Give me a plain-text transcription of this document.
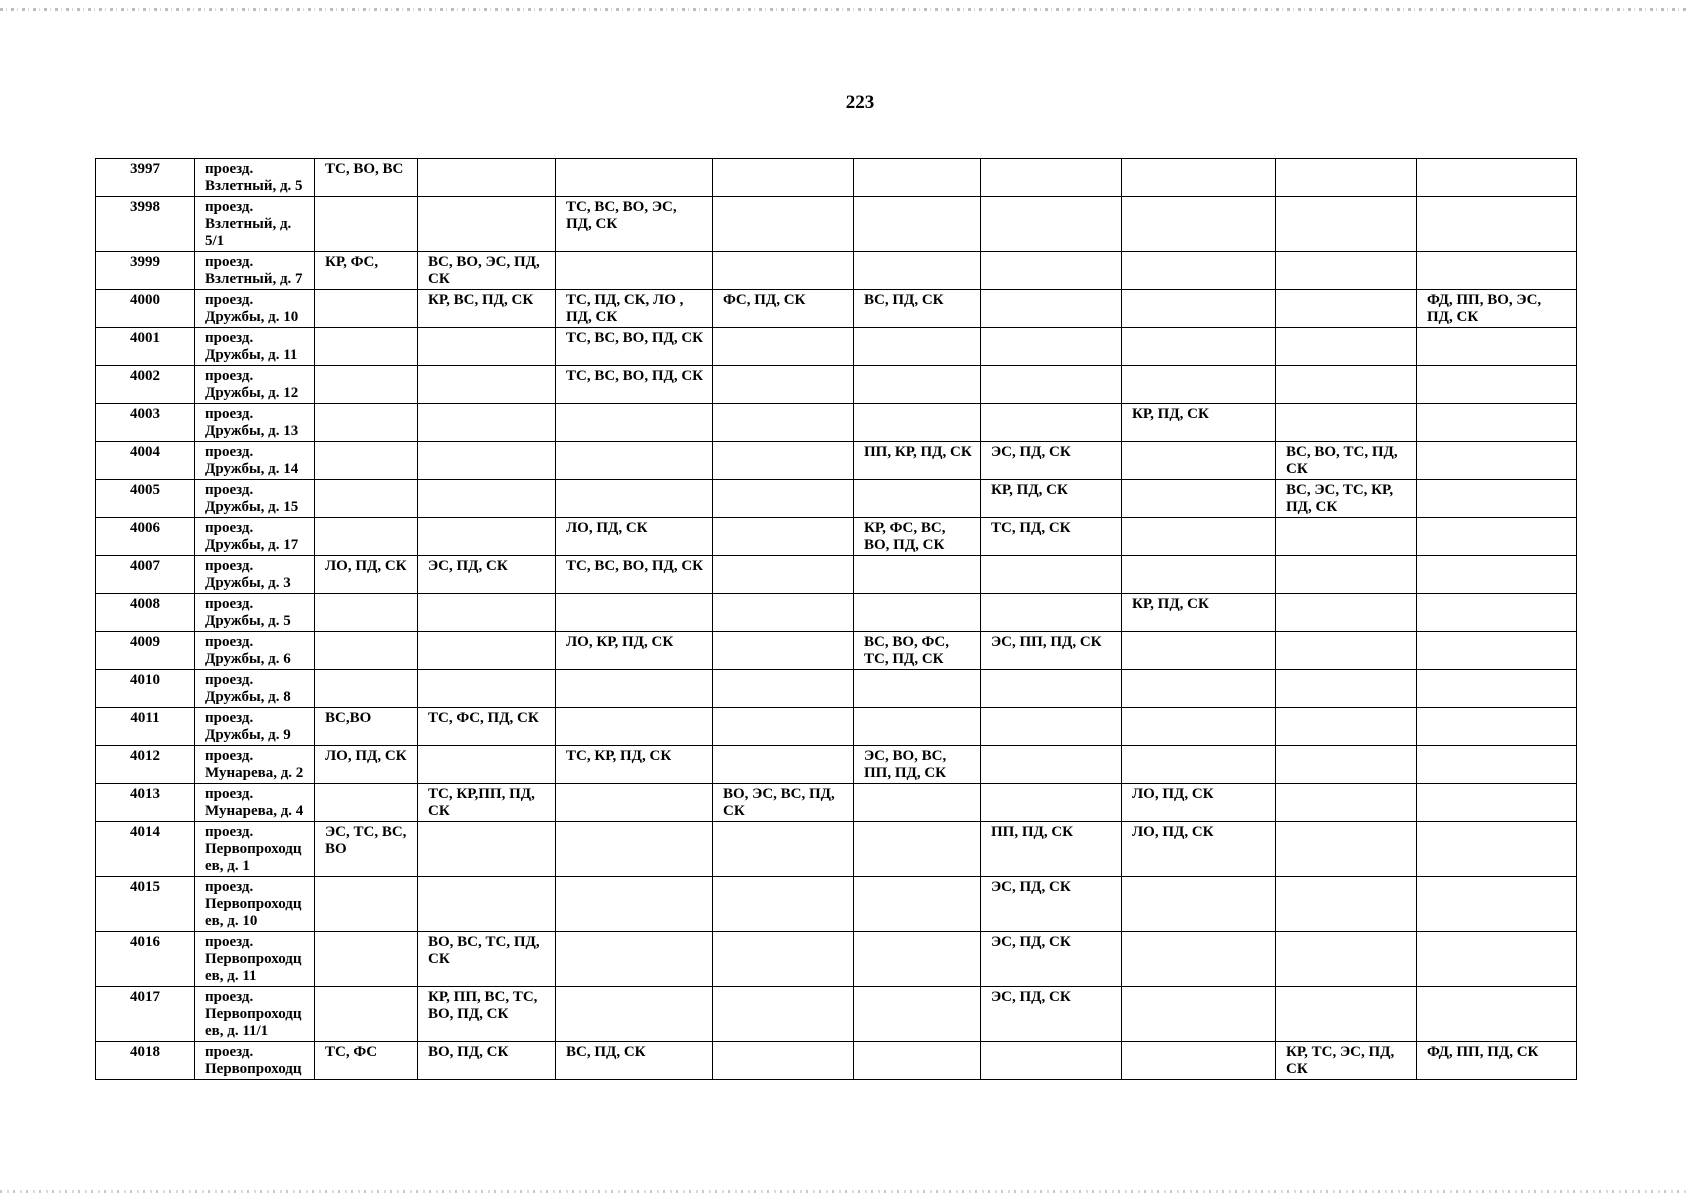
223
3997	проезд.
Взлетный, д. 5	ТС, ВО, ВС								
3998	проезд.
Взлетный, д.
5/1			ТС, ВС, ВО, ЭС, ПД, СК						
3999	проезд.
Взлетный, д. 7	КР, ФС,	ВС, ВО, ЭС, ПД, СК							
4000	проезд.
Дружбы, д. 10		КР, ВС, ПД, СК	ТС, ПД, СК, ЛО , ПД, СК	ФС, ПД, СК	ВС, ПД, СК				ФД, ПП, ВО, ЭС, ПД, СК
4001	проезд.
Дружбы, д. 11			ТС, ВС, ВО, ПД, СК						
4002	проезд.
Дружбы, д. 12			ТС, ВС, ВО, ПД, СК						
4003	проезд.
Дружбы, д. 13							КР, ПД, СК		
4004	проезд.
Дружбы, д. 14					ПП, КР, ПД, СК	ЭС, ПД, СК		ВС, ВО, ТС, ПД, СК	
4005	проезд.
Дружбы, д. 15						КР, ПД, СК		ВС, ЭС, ТС, КР, ПД, СК	
4006	проезд.
Дружбы, д. 17			ЛО, ПД, СК		КР, ФС, ВС, ВО, ПД, СК	ТС, ПД, СК			
4007	проезд.
Дружбы, д. 3	ЛО, ПД, СК	ЭС, ПД, СК	ТС, ВС, ВО, ПД, СК						
4008	проезд.
Дружбы, д. 5							КР, ПД, СК		
4009	проезд.
Дружбы, д. 6			ЛО, КР, ПД, СК		ВС, ВО, ФС, ТС, ПД, СК	ЭС, ПП, ПД, СК			
4010	проезд.
Дружбы, д. 8									

4011	проезд.
Дружбы, д. 9	ВС,ВО	ТС, ФС, ПД, СК							
4012	проезд.
Мунарева, д. 2	ЛО, ПД, СК		ТС, КР, ПД, СК		ЭС, ВО, ВС, ПП, ПД, СК				
4013	проезд.
Мунарева, д. 4		ТС, КР,ПП, ПД, СК		ВО, ЭС, ВС, ПД, СК			ЛО, ПД, СК		
4014	проезд.
Первопроходц
ев, д. 1	ЭС, ТС, ВС, ВО					ПП, ПД, СК	ЛО, ПД, СК		
4015	проезд.
Первопроходц
ев, д. 10						ЭС, ПД, СК			
4016	проезд.
Первопроходц
ев, д. 11		ВО, ВС, ТС, ПД, СК				ЭС, ПД, СК			
4017	проезд.
Первопроходц
ев, д. 11/1		КР, ПП, ВС, ТС, ВО, ПД, СК				ЭС, ПД, СК			
4018	проезд.
Первопроходц	ТС, ФС	ВО, ПД, СК	ВС, ПД, СК					КР, ТС, ЭС, ПД, СК	ФД, ПП, ПД, СК
